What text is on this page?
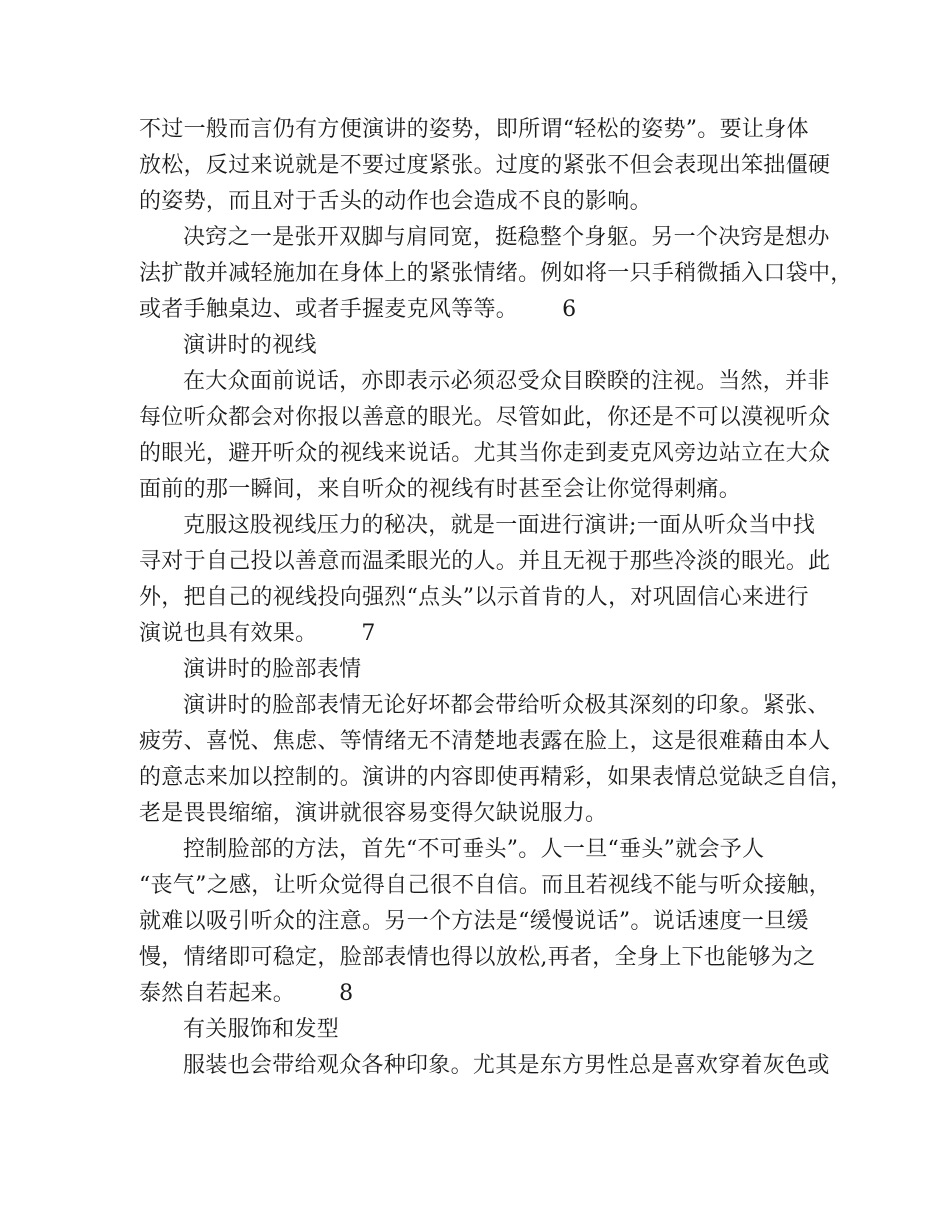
不过一般而言仍有方便演讲的姿势，即所谓“轻松的姿势”。要让身体
放松，反过来说就是不要过度紧张。过度的紧张不但会表现出笨拙僵硬
的姿势，而且对于舌头的动作也会造成不良的影响。
决窍之一是张开双脚与肩同宽，挺稳整个身躯。另一个决窍是想办
法扩散并减轻施加在身体上的紧张情绪。例如将一只手稍微插入口袋中，
或者手触桌边、或者手握麦克风等等。 6
演讲时的视线
在大众面前说话，亦即表示必须忍受众目睽睽的注视。当然，并非
每位听众都会对你报以善意的眼光。尽管如此，你还是不可以漠视听众
的眼光，避开听众的视线来说话。尤其当你走到麦克风旁边站立在大众
面前的那一瞬间，来自听众的视线有时甚至会让你觉得刺痛。
克服这股视线压力的秘决，就是一面进行演讲;一面从听众当中找
寻对于自己投以善意而温柔眼光的人。并且无视于那些冷淡的眼光。此
外，把自己的视线投向强烈“点头”以示首肯的人，对巩固信心来进行
演说也具有效果。 7
演讲时的脸部表情
演讲时的脸部表情无论好坏都会带给听众极其深刻的印象。紧张、
疲劳、喜悦、焦虑、等情绪无不清楚地表露在脸上，这是很难藉由本人
的意志来加以控制的。演讲的内容即使再精彩，如果表情总觉缺乏自信，
老是畏畏缩缩，演讲就很容易变得欠缺说服力。
控制脸部的方法，首先“不可垂头”。人一旦“垂头”就会予人
“丧气”之感，让听众觉得自己很不自信。而且若视线不能与听众接触，
就难以吸引听众的注意。另一个方法是“缓慢说话”。说话速度一旦缓
慢，情绪即可稳定，脸部表情也得以放松,再者，全身上下也能够为之
泰然自若起来。 8
有关服饰和发型
服装也会带给观众各种印象。尤其是东方男性总是喜欢穿着灰色或
